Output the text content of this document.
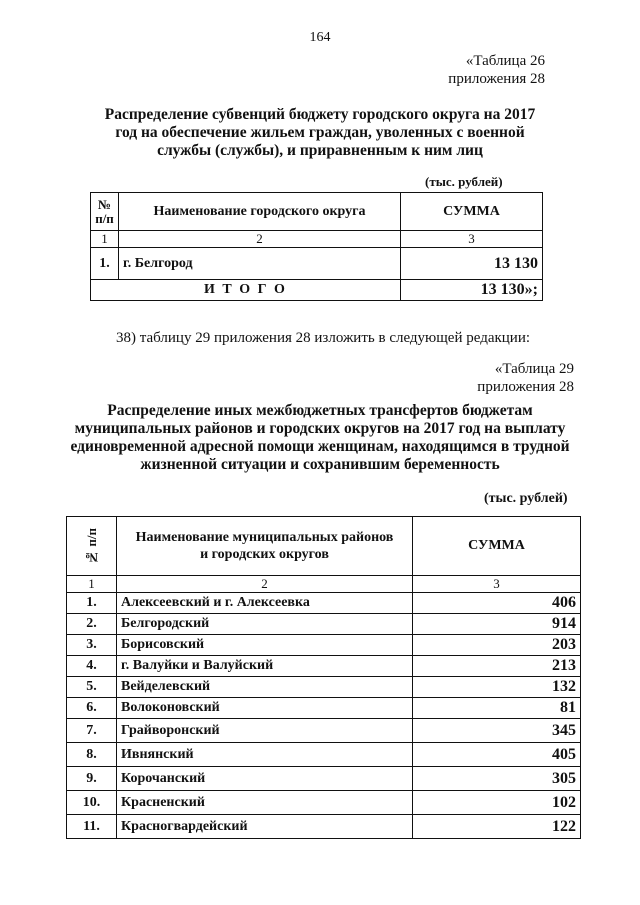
164
«Таблица 26
приложения 28
Распределение субвенций бюджету городского округа на 2017
год на обеспечение жильем граждан, уволенных с военной
службы (службы), и приравненным к ним лиц
(тыс. рублей)
№
п/п	Наименование городского округа	СУММА
1	2	3
1.	г. Белгород	13 130
И Т О Г О		13 130»;
38) таблицу 29 приложения 28 изложить в следующей редакции:
«Таблица 29
приложения 28
Распределение иных межбюджетных трансфертов бюджетам
муниципальных районов и городских округов на 2017 год на выплату
единовременной адресной помощи женщинам, находящимся в трудной
жизненной ситуации и сохранившим беременность
(тыс. рублей)
№ п/п	Наименование муниципальных районов
и городских округов	СУММА
1	2	3
1.	Алексеевский и г. Алексеевка	406
2.	Белгородский	914
3.	Борисовский	203
4.	г. Валуйки и Валуйский	213
5.	Вейделевский	132
6.	Волоконовский	81
7.	Грайворонский	345
8.	Ивнянский	405
9.	Корочанский	305
10.	Красненский	102
11.	Красногвардейский	122
